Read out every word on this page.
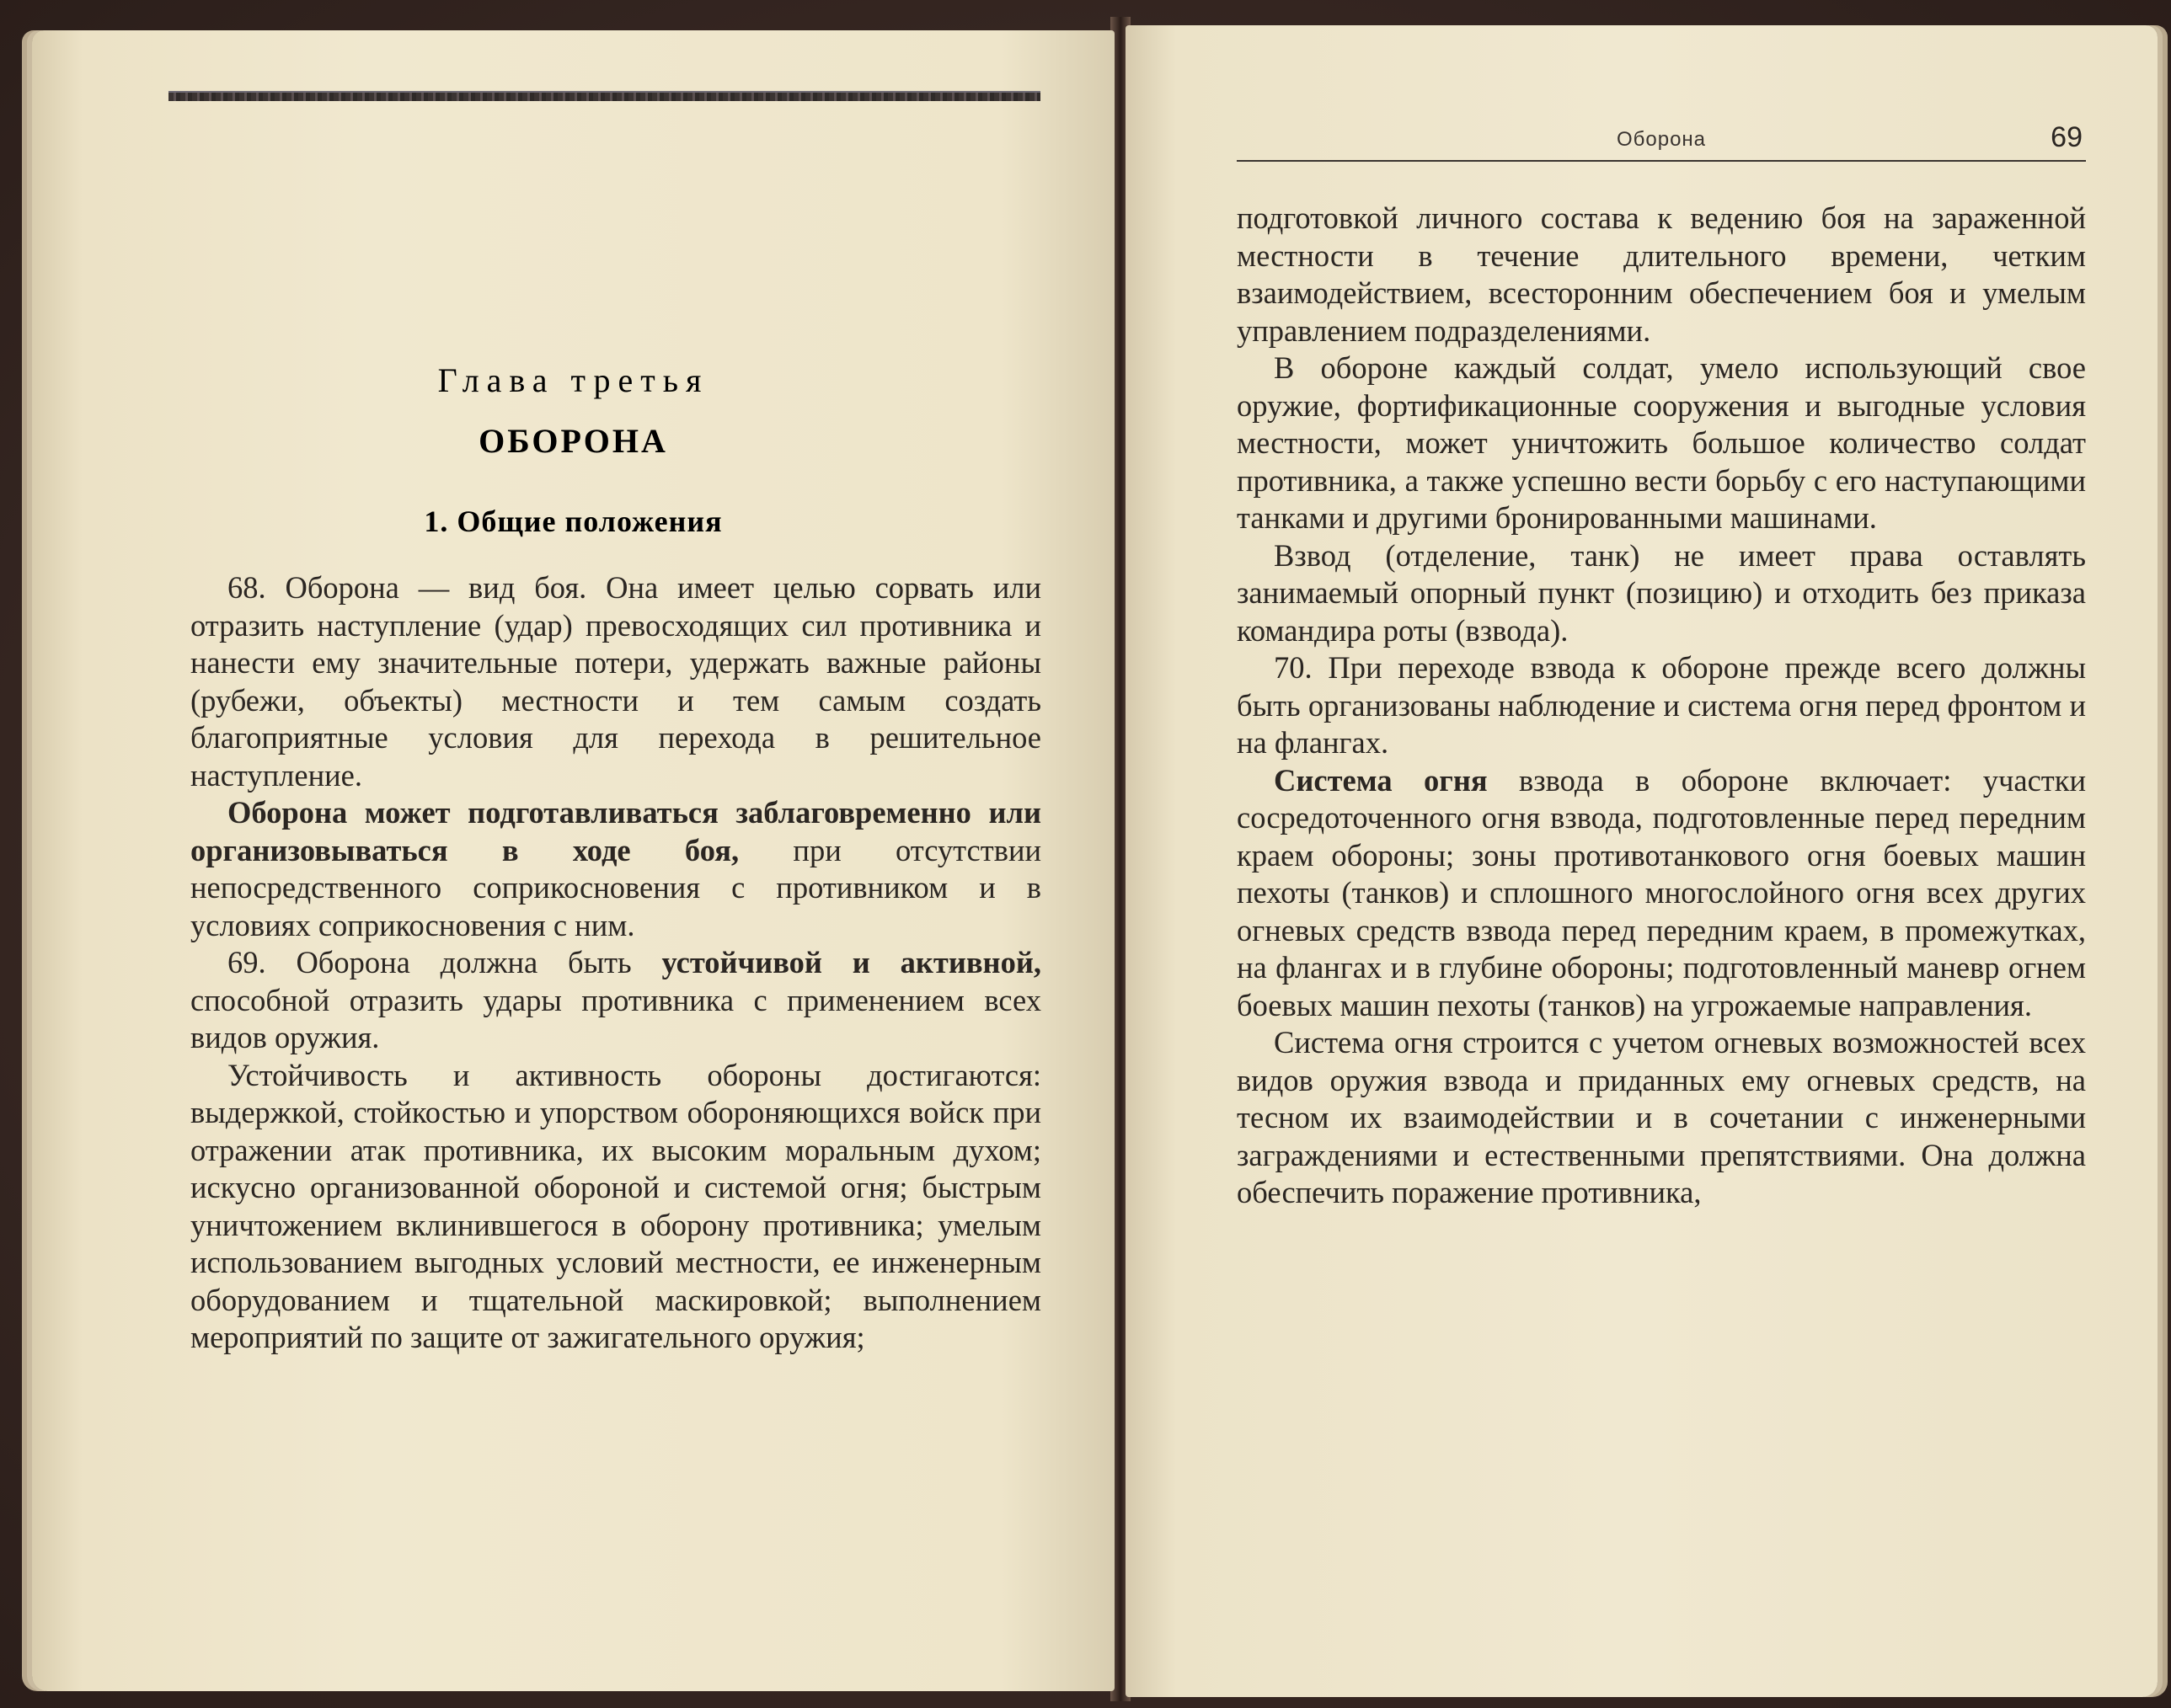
Глава третья
ОБОРОНА
1. Общие положения

68. Оборона — вид боя. Она имеет целью сорвать или отразить наступление (удар) превосходящих сил противника и нанести ему значительные потери, удержать важные районы (рубежи, объекты) местности и тем самым создать благоприятные условия для перехода в решительное наступление.

Оборона может подготавливаться заблаговременно или организовываться в ходе боя, при отсутствии непосредственного соприкосновения с противником и в условиях соприкосновения с ним.

69. Оборона должна быть устойчивой и активной, способной отразить удары противника с применением всех видов оружия.

Устойчивость и активность обороны достигаются: выдержкой, стойкостью и упорством обороняющихся войск при отражении атак противника, их высоким моральным духом; искусно организованной обороной и системой огня; быстрым уничтожением вклинившегося в оборону противника; умелым использованием выгодных условий местности, ее инженерным оборудованием и тщательной маскировкой; выполнением мероприятий по защите от зажигательного оружия;

Оборона	69

подготовкой личного состава к ведению боя на зараженной местности в течение длительного времени, четким взаимодействием, всесторонним обеспечением боя и умелым управлением подразделениями.

В обороне каждый солдат, умело использующий свое оружие, фортификационные сооружения и выгодные условия местности, может уничтожить большое количество солдат противника, а также успешно вести борьбу с его наступающими танками и другими бронированными машинами.

Взвод (отделение, танк) не имеет права оставлять занимаемый опорный пункт (позицию) и отходить без приказа командира роты (взвода).

70. При переходе взвода к обороне прежде всего должны быть организованы наблюдение и система огня перед фронтом и на флангах.

Система огня взвода в обороне включает: участки сосредоточенного огня взвода, подготовленные перед передним краем обороны; зоны противотанкового огня боевых машин пехоты (танков) и сплошного многослойного огня всех других огневых средств взвода перед передним краем, в промежутках, на флангах и в глубине обороны; подготовленный маневр огнем боевых машин пехоты (танков) на угрожаемые направления.

Система огня строится с учетом огневых возможностей всех видов оружия взвода и приданных ему огневых средств, на тесном их взаимодействии и в сочетании с инженерными заграждениями и естественными препятствиями. Она должна обеспечить поражение противника,
